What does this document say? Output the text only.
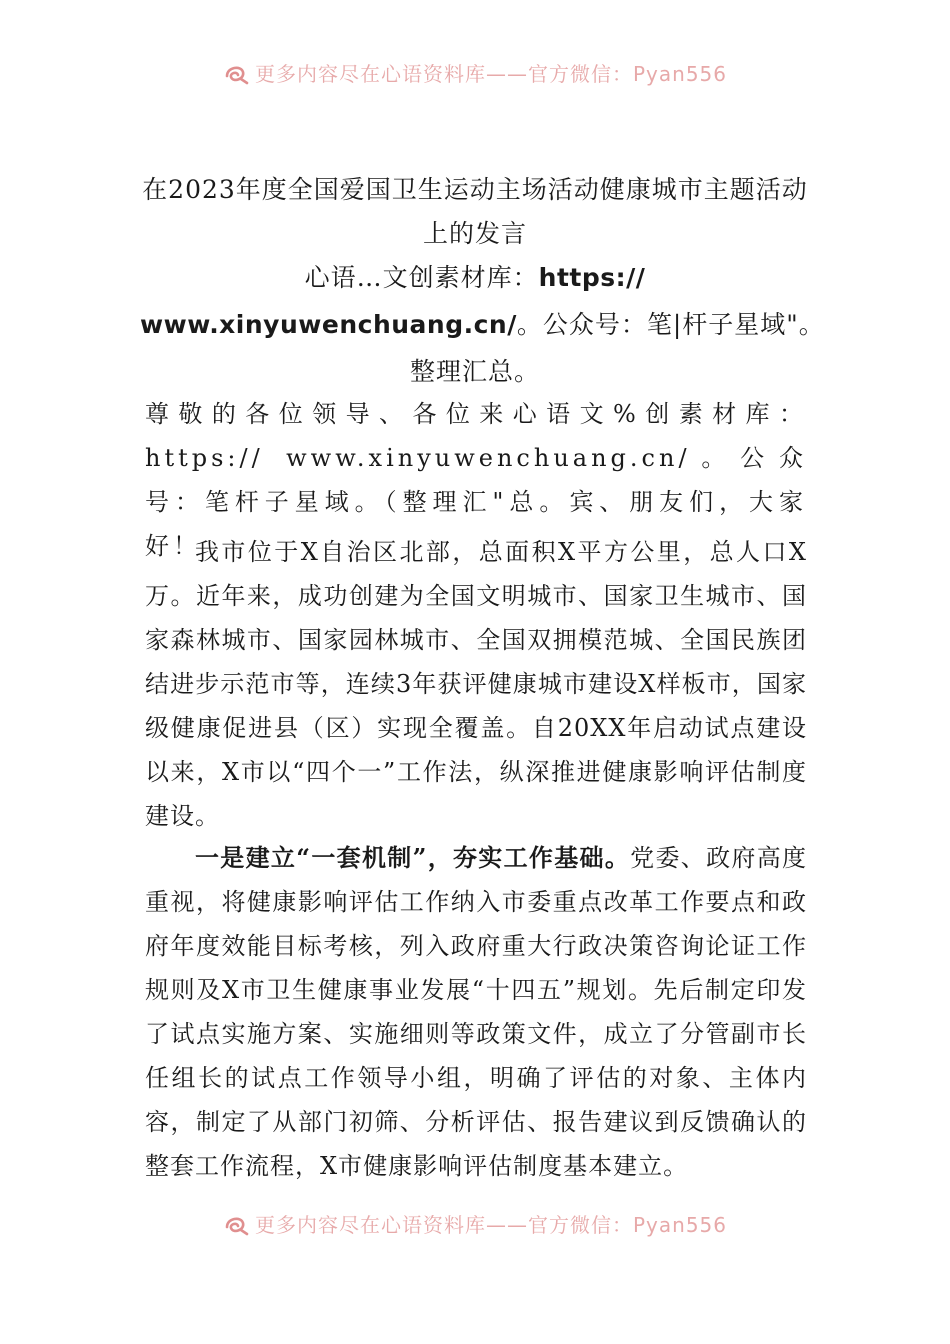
更多内容尽在心语资料库——官方微信：Pyan556
在2023年度全国爱国卫生运动主场活动健康城市主题活动
上的发言
心语…文创素材库：https://
www.xinyuwenchuang.cn/。公众号：笔|杆子星域"。
整理汇总。
尊敬的各位领导、各位来心语文%创素材库：https:// www.xinyuwenchuang.cn/。公众号：笔杆子星域。（整理汇"总。宾、朋友们，大家好！
我市位于X自治区北部，总面积X平方公里，总人口X万。近年来，成功创建为全国文明城市、国家卫生城市、国家森林城市、国家园林城市、全国双拥模范城、全国民族团结进步示范市等，连续3年获评健康城市建设X样板市，国家级健康促进县（区）实现全覆盖。自20XX年启动试点建设以来，X市以“四个一”工作法，纵深推进健康影响评估制度建设。
一是建立“一套机制”，夯实工作基础。党委、政府高度重视，将健康影响评估工作纳入市委重点改革工作要点和政府年度效能目标考核，列入政府重大行政决策咨询论证工作规则及X市卫生健康事业发展“十四五”规划。先后制定印发了试点实施方案、实施细则等政策文件，成立了分管副市长任组长的试点工作领导小组，明确了评估的对象、主体内容，制定了从部门初筛、分析评估、报告建议到反馈确认的整套工作流程，X市健康影响评估制度基本建立。
更多内容尽在心语资料库——官方微信：Pyan556
